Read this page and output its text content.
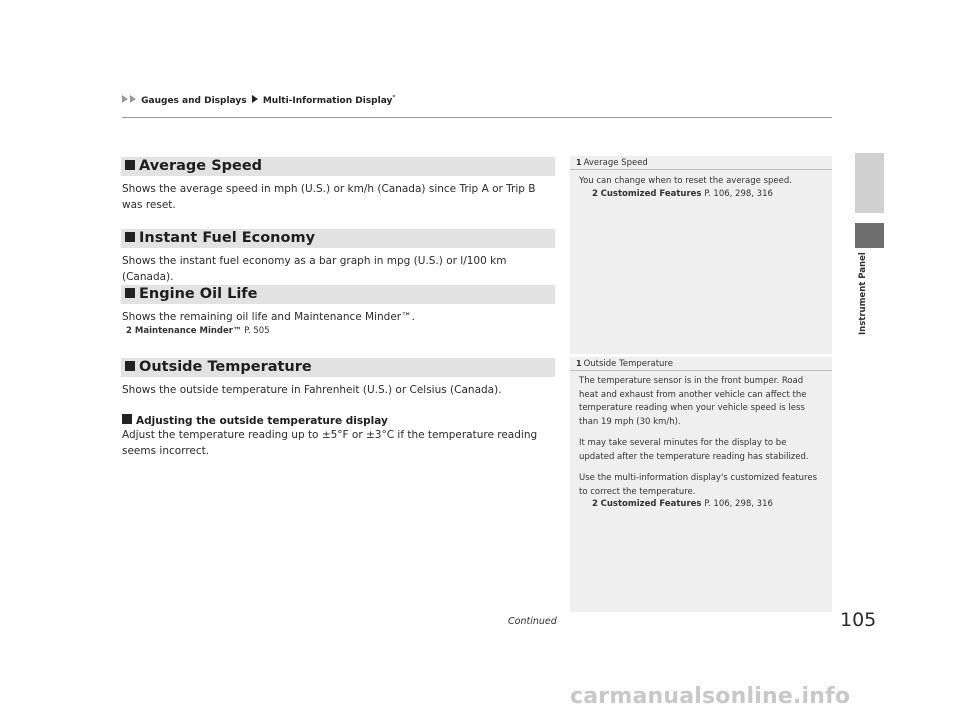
Gauges and Displays Multi-Information Display*
Instrument Panel
Average Speed
Shows the average speed in mph (U.S.) or km/h (Canada) since Trip A or Trip B was reset.
Instant Fuel Economy
Shows the instant fuel economy as a bar graph in mpg (U.S.) or l/100 km (Canada).
Engine Oil Life
Shows the remaining oil life and Maintenance Minder™.
2 Maintenance Minder™ P. 505
Outside Temperature
Shows the outside temperature in Fahrenheit (U.S.) or Celsius (Canada).
Adjusting the outside temperature display
Adjust the temperature reading up to ±5°F or ±3°C if the temperature reading seems incorrect.
1 Average Speed

You can change when to reset the average speed.

2 Customized Features P. 106, 298, 316
1 Outside Temperature

The temperature sensor is in the front bumper. Road heat and exhaust from another vehicle can affect the temperature reading when your vehicle speed is less than 19 mph (30 km/h).

It may take several minutes for the display to be updated after the temperature reading has stabilized.

Use the multi-information display's customized features to correct the temperature.

2 Customized Features P. 106, 298, 316
Continued	105
carmanualsonline.info
